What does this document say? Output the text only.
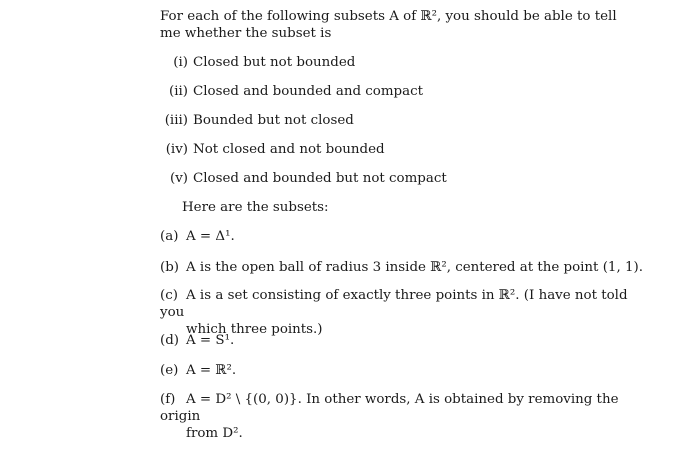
For each of the following subsets A of ℝ², you should be able to tell me whether the subset is
(i) Closed but not bounded
(ii) Closed and bounded and compact
(iii) Bounded but not closed
(iv) Not closed and not bounded
(v) Closed and bounded but not compact
Here are the subsets:
(a) A = Δ¹.
(b) A is the open ball of radius 3 inside ℝ², centered at the point (1, 1).
(c) A is a set consisting of exactly three points in ℝ². (I have not told you
which three points.)
(d) A = S¹.
(e) A = ℝ².
(f) A = D² \ {(0, 0)}. In other words, A is obtained by removing the origin
from D².
